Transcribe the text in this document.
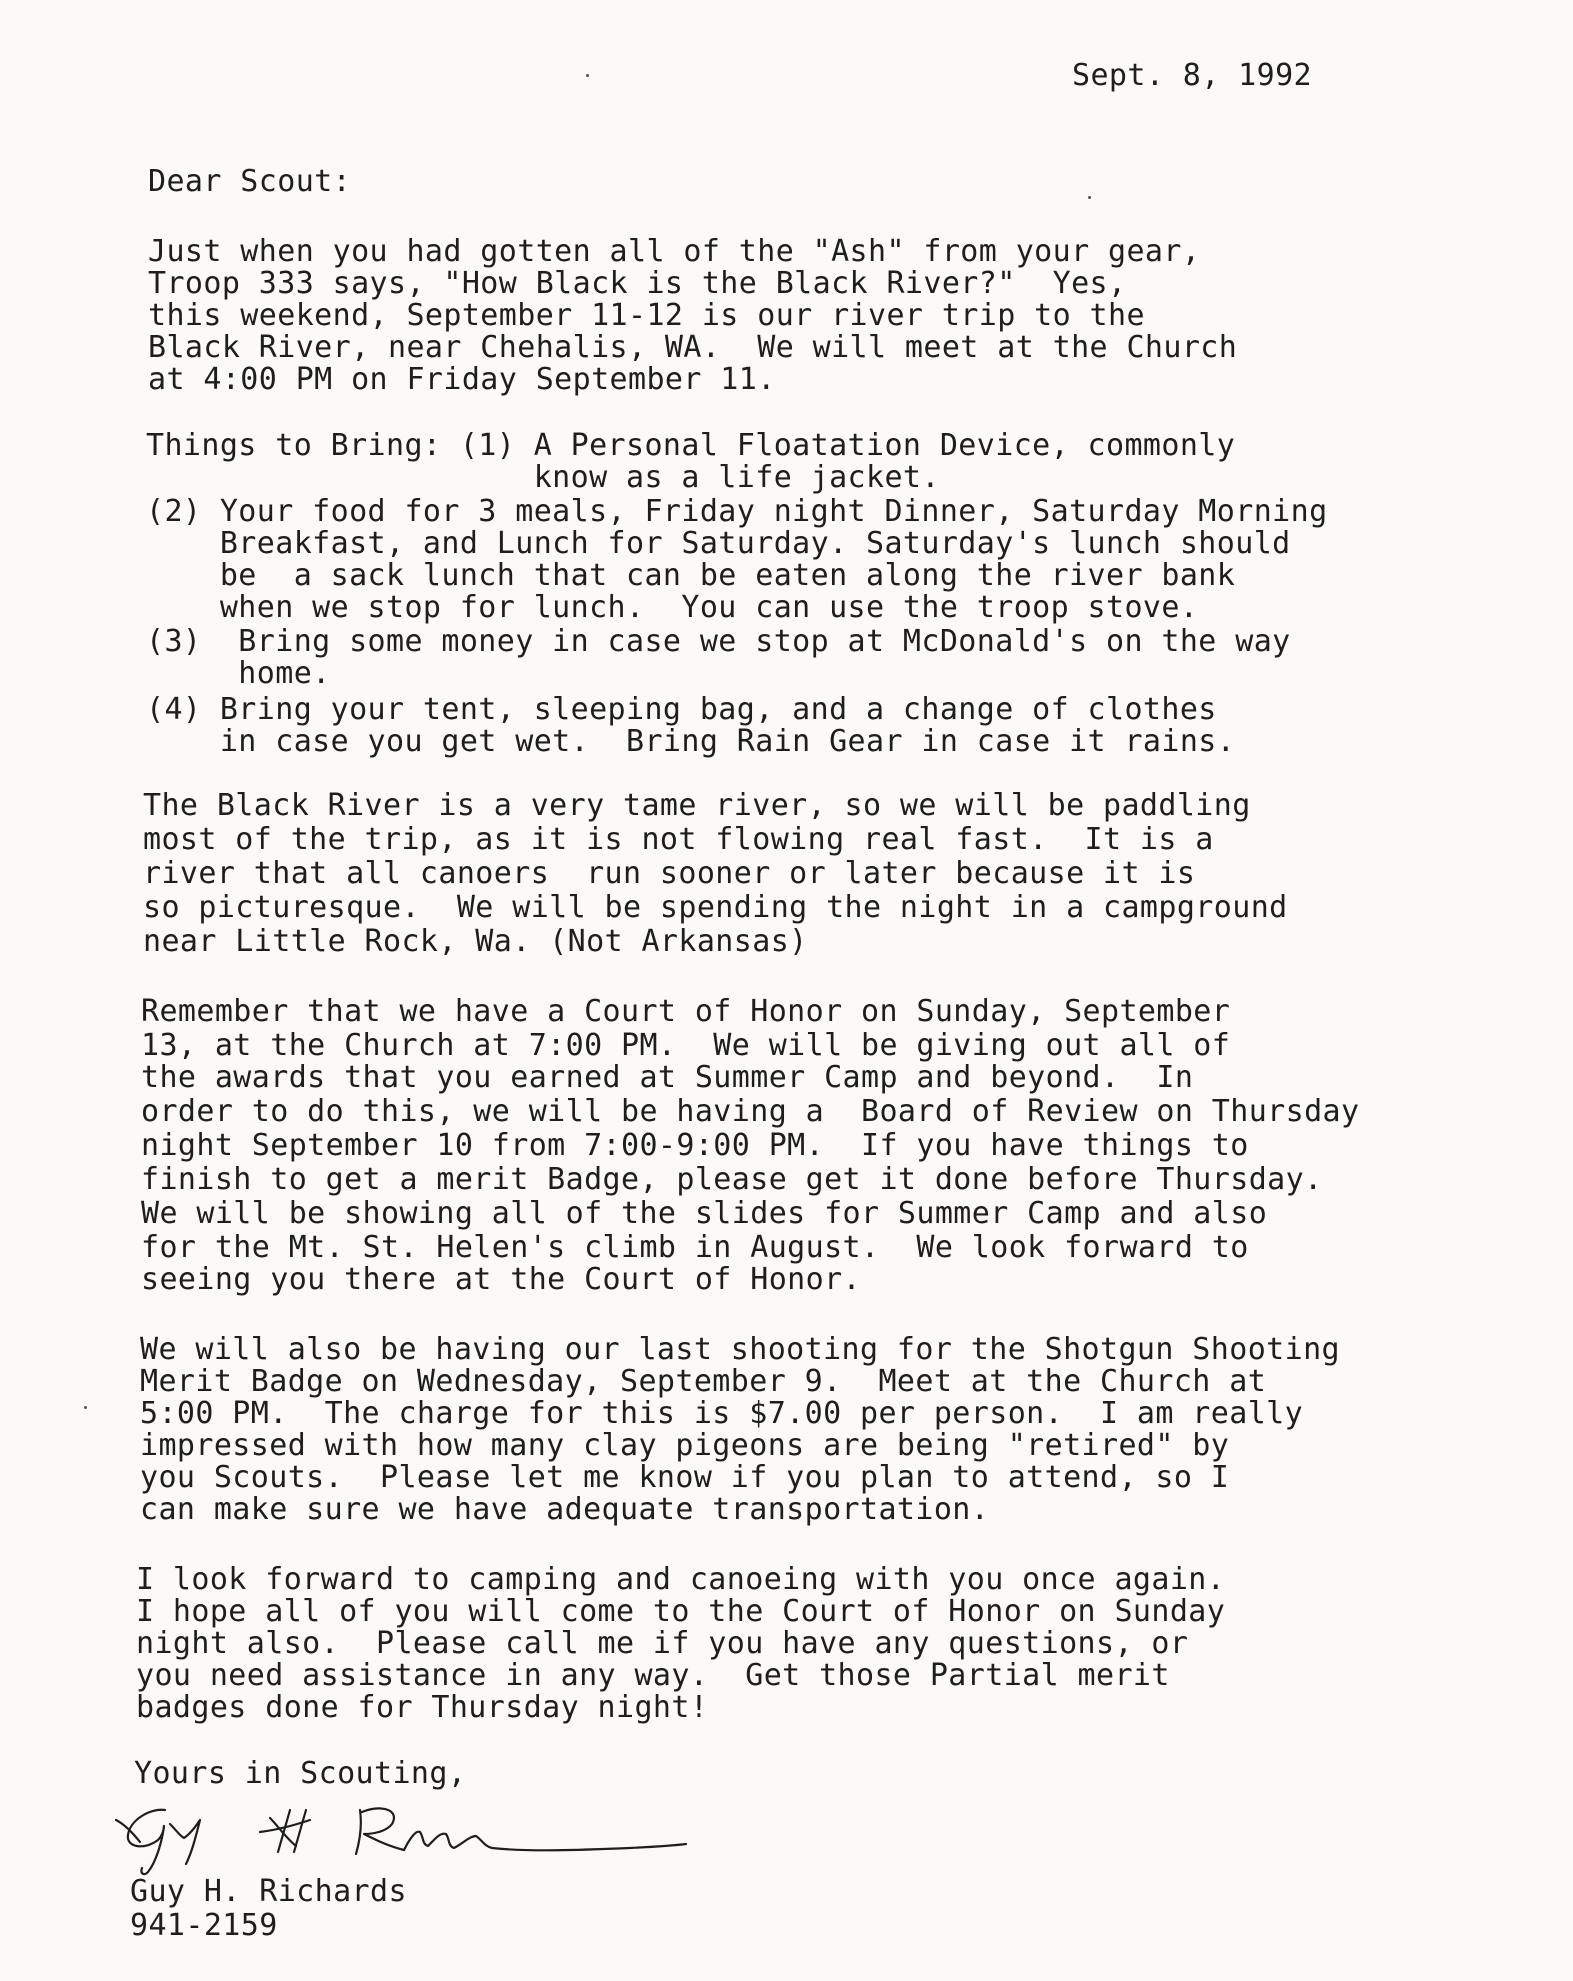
Sept. 8, 1992
Dear Scout:
Just when you had gotten all of the "Ash" from your gear,
Troop 333 says, "How Black is the Black River?"  Yes,
this weekend, September 11-12 is our river trip to the
Black River, near Chehalis, WA.  We will meet at the Church
at 4:00 PM on Friday September 11.
Things to Bring: (1) A Personal Floatation Device, commonly
know as a life jacket.
(2) Your food for 3 meals, Friday night Dinner, Saturday Morning
Breakfast, and Lunch for Saturday. Saturday's lunch should
be  a sack lunch that can be eaten along the river bank
when we stop for lunch.  You can use the troop stove.
(3)  Bring some money in case we stop at McDonald's on the way
home.
(4) Bring your tent, sleeping bag, and a change of clothes
in case you get wet.  Bring Rain Gear in case it rains.
The Black River is a very tame river, so we will be paddling
most of the trip, as it is not flowing real fast.  It is a
river that all canoers  run sooner or later because it is
so picturesque.  We will be spending the night in a campground
near Little Rock, Wa. (Not Arkansas)
Remember that we have a Court of Honor on Sunday, September
13, at the Church at 7:00 PM.  We will be giving out all of
the awards that you earned at Summer Camp and beyond.  In
order to do this, we will be having a  Board of Review on Thursday
night September 10 from 7:00-9:00 PM.  If you have things to
finish to get a merit Badge, please get it done before Thursday.
We will be showing all of the slides for Summer Camp and also
for the Mt. St. Helen's climb in August.  We look forward to
seeing you there at the Court of Honor.
We will also be having our last shooting for the Shotgun Shooting
Merit Badge on Wednesday, September 9.  Meet at the Church at
5:00 PM.  The charge for this is $7.00 per person.  I am really
impressed with how many clay pigeons are being "retired" by
you Scouts.  Please let me know if you plan to attend, so I
can make sure we have adequate transportation.
I look forward to camping and canoeing with you once again.
I hope all of you will come to the Court of Honor on Sunday
night also.  Please call me if you have any questions, or
you need assistance in any way.  Get those Partial merit
badges done for Thursday night!
Yours in Scouting,
Guy H. Richards
941-2159
